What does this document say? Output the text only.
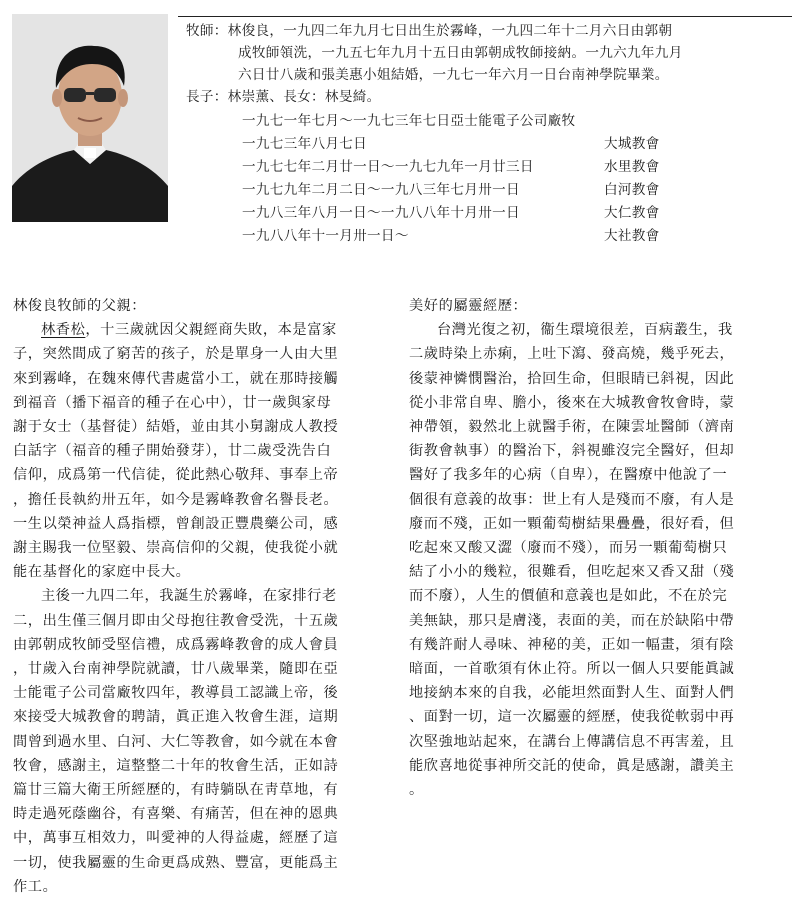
牧師：林俊良，一九四二年九月七日出生於霧峰，一九四二年十二月六日由郭朝
成牧師領洗，一九五七年九月十五日由郭朝成牧師接納。一九六九年九月
六日廿八歲和張美惠小姐結婚，一九七一年六月一日台南神學院畢業。
長子：林崇薰、長女：林旻綺。
一九七一年七月～一九七三年七日亞士能電子公司廠牧
一九七三年八月七日	大城教會
一九七七年二月廿一日～一九七九年一月廿三日	水里教會
一九七九年二月二日～一九八三年七月卅一日	白河教會
一九八三年八月一日～一九八八年十月卅一日	大仁教會
一九八八年十一月卅一日～	大社教會
林俊良牧師的父親：
林香松，十三歲就因父親經商失敗，本是富家
子，突然間成了窮苦的孩子，於是單身一人由大里
來到霧峰，在魏來傳代書處當小工，就在那時接觸
到福音（播下福音的種子在心中），廿一歲與家母
謝于女士（基督徒）結婚，並由其小舅謝成人教授
白話字（福音的種子開始發芽），廿二歲受洗告白
信仰，成爲第一代信徒，從此熱心敬拜、事奉上帝
，擔任長執約卅五年，如今是霧峰教會名譽長老。
一生以榮神益人爲指標，曾創設正豐農藥公司，感
謝主賜我一位堅毅、崇高信仰的父親，使我從小就
能在基督化的家庭中長大。
主後一九四二年，我誕生於霧峰，在家排行老
二，出生僅三個月即由父母抱往教會受洗，十五歲
由郭朝成牧師受堅信禮，成爲霧峰教會的成人會員
，廿歲入台南神學院就讀，廿八歲畢業，隨即在亞
士能電子公司當廠牧四年，教導員工認識上帝，後
來接受大城教會的聘請，眞正進入牧會生涯，這期
間曾到過水里、白河、大仁等教會，如今就在本會
牧會，感謝主，這整整二十年的牧會生活，正如詩
篇廿三篇大衛王所經歷的，有時躺臥在靑草地，有
時走過死蔭幽谷，有喜樂、有痛苦，但在神的恩典
中，萬事互相效力，叫愛神的人得益處，經歷了這
一切，使我屬靈的生命更爲成熟、豐富，更能爲主
作工。
美好的屬靈經歷：
台灣光復之初，衞生環境很差，百病叢生，我
二歲時染上赤痢，上吐下瀉、發高燒，幾乎死去，
後蒙神憐憫醫治，拾回生命，但眼睛已斜視，因此
從小非常自卑、膽小，後來在大城教會牧會時，蒙
神帶領，毅然北上就醫手術，在陳雲址醫師（濟南
街教會執事）的醫治下，斜視雖沒完全醫好，但却
醫好了我多年的心病（自卑），在醫療中他說了一
個很有意義的故事：世上有人是殘而不廢，有人是
廢而不殘，正如一顆葡萄樹結果疊疊，很好看，但
吃起來又酸又澀（廢而不殘），而另一顆葡萄樹只
結了小小的幾粒，很難看，但吃起來又香又甜（殘
而不廢），人生的價値和意義也是如此，不在於完
美無缺，那只是膚淺，表面的美，而在於缺陷中帶
有幾許耐人尋味、神秘的美，正如一幅畫，須有陰
暗面，一首歌須有休止符。所以一個人只要能眞誠
地接納本來的自我，必能坦然面對人生、面對人們
、面對一切，這一次屬靈的經歷，使我從軟弱中再
次堅強地站起來，在講台上傳講信息不再害羞，且
能欣喜地從事神所交託的使命，眞是感謝，讚美主
。
